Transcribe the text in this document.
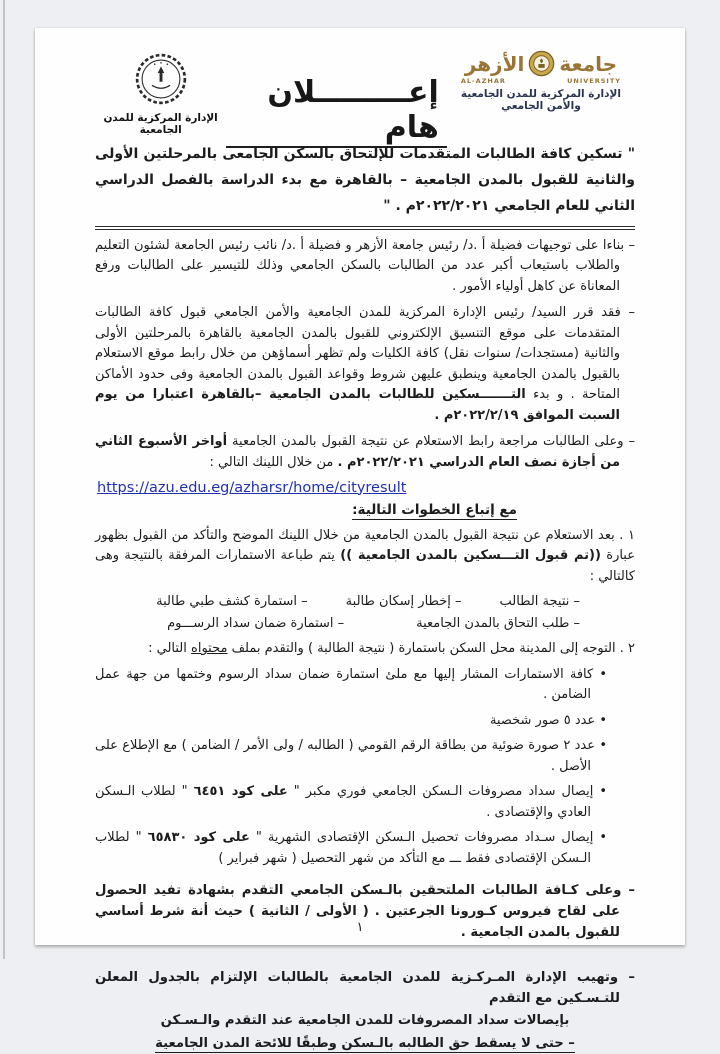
جامعة
الأزهر
AL-AZHAR	UNIVERSITY
الإدارة المركزية للمدن الجامعية والأمن الجامعي
إعـــــــــلان هام
الإدارة المركزية للمدن الجامعية
" تسكين كافة الطالبات المتقدمات للإلتحاق بالسكن الجامعى بالمرحلتين الأولى والثانية للقبول بالمدن الجامعية – بالقاهرة مع بدء الدراسة بالفصل الدراسي الثاني للعام الجامعي ٢٠٢٢/٢٠٢١م . "

– بناءا على توجيهات فضيلة أ .د/ رئيس جامعة الأزهر و فضيلة أ .د/ نائب رئيس الجامعة لشئون التعليم والطلاب باستيعاب أكبر عدد من الطالبات بالسكن الجامعي وذلك للتيسير على الطالبات ورفع المعاناة عن كاهل أولياء الأمور .

– فقد قرر السيد/ رئيس الإدارة المركزية للمدن الجامعية والأمن الجامعي قبول كافة الطالبات المتقدمات على موقع التنسيق الإلكتروني للقبول بالمدن الجامعية بالقاهرة بالمرحلتين الأولى والثانية (مستجدات/ سنوات نقل) كافة الكليات ولم تظهر أسماؤهن من خلال رابط موقع الاستعلام بالقبول بالمدن الجامعية وينطبق عليهن شروط وقواعد القبول بالمدن الجامعية وفى حدود الأماكن المتاحة . و بدء التـــــــسكين للطالبات بالمدن الجامعية –بالقاهرة اعتبارا من يوم السبت الموافق ٢٠٢٢/٢/١٩م .

– وعلى الطالبات مراجعة رابط الاستعلام عن نتيجة القبول بالمدن الجامعية أواخر الأسبوع الثاني من أجازة نصف العام الدراسي ٢٠٢٢/٢٠٢١م . من خلال اللينك التالي :

https://azu.edu.eg/azharsr/home/cityresult
مع إتباع الخطوات التالية:

١ . بعد الاستعلام عن نتيجة القبول بالمدن الجامعية من خلال اللينك الموضح والتأكد من القبول بظهور عبارة ((تم قبول التـــسكين بالمدن الجامعية )) يتم طباعة الاستمارات المرفقة بالنتيجة وهى كالتالي :

– نتيجة الطالب
– إخطار إسكان طالبة
– استمارة كشف طبي طالبة
– طلب التحاق بالمدن الجامعية
– استمارة ضمان سداد الرســـوم

٢ . التوجه إلى المدينة محل السكن باستمارة ( نتيجة الطالبة ) والتقدم بملف محتواه التالي :

• كافة الاستمارات المشار إليها مع ملئ استمارة ضمان سداد الرسوم وختمها من جهة عمل الضامن .

• عدد ٥ صور شخصية

• عدد ٢ صورة ضوئية من بطاقة الرقم القومي ( الطالبه / ولى الأمر / الضامن ) مع الإطلاع على الأصل .

• إيصال سداد مصروفات الـسكن الجامعي فوري مكبر " على كود ٦٤٥١ " لطلاب الـسكن العادي والإقتصادى .

• إيصال سـداد مصروفات تحصيل الـسكن الإقتصادى الشهرية " على كود ٦٥٨٣٠ " لطلاب الـسكن الإقتصادى فقط ـــ مع التأكد من شهر التحصيل ( شهر فبراير )

– وعلى كـافة الطالبات الملتحقين بالـسكن الجامعي التقدم بشهادة تفيد الحصول على لقاح فيروس كـورونا الجرعتين . ( الأولى / الثانية ) حيث أنة شرط أساسي للقبول بالمدن الجامعية .

– وتهيب الإدارة المـركـزية للمدن الجامعية بالطالبات الإلتزام بالجدول المعلن للتـسـكين مع التقدم

بإيصالات سداد المصروفات للمدن الجامعية عند التقدم والـسـكن

– حتى لا يسقط حق الطالبه بالـسكن وطبقًا للائحة المدن الجامعية

١
